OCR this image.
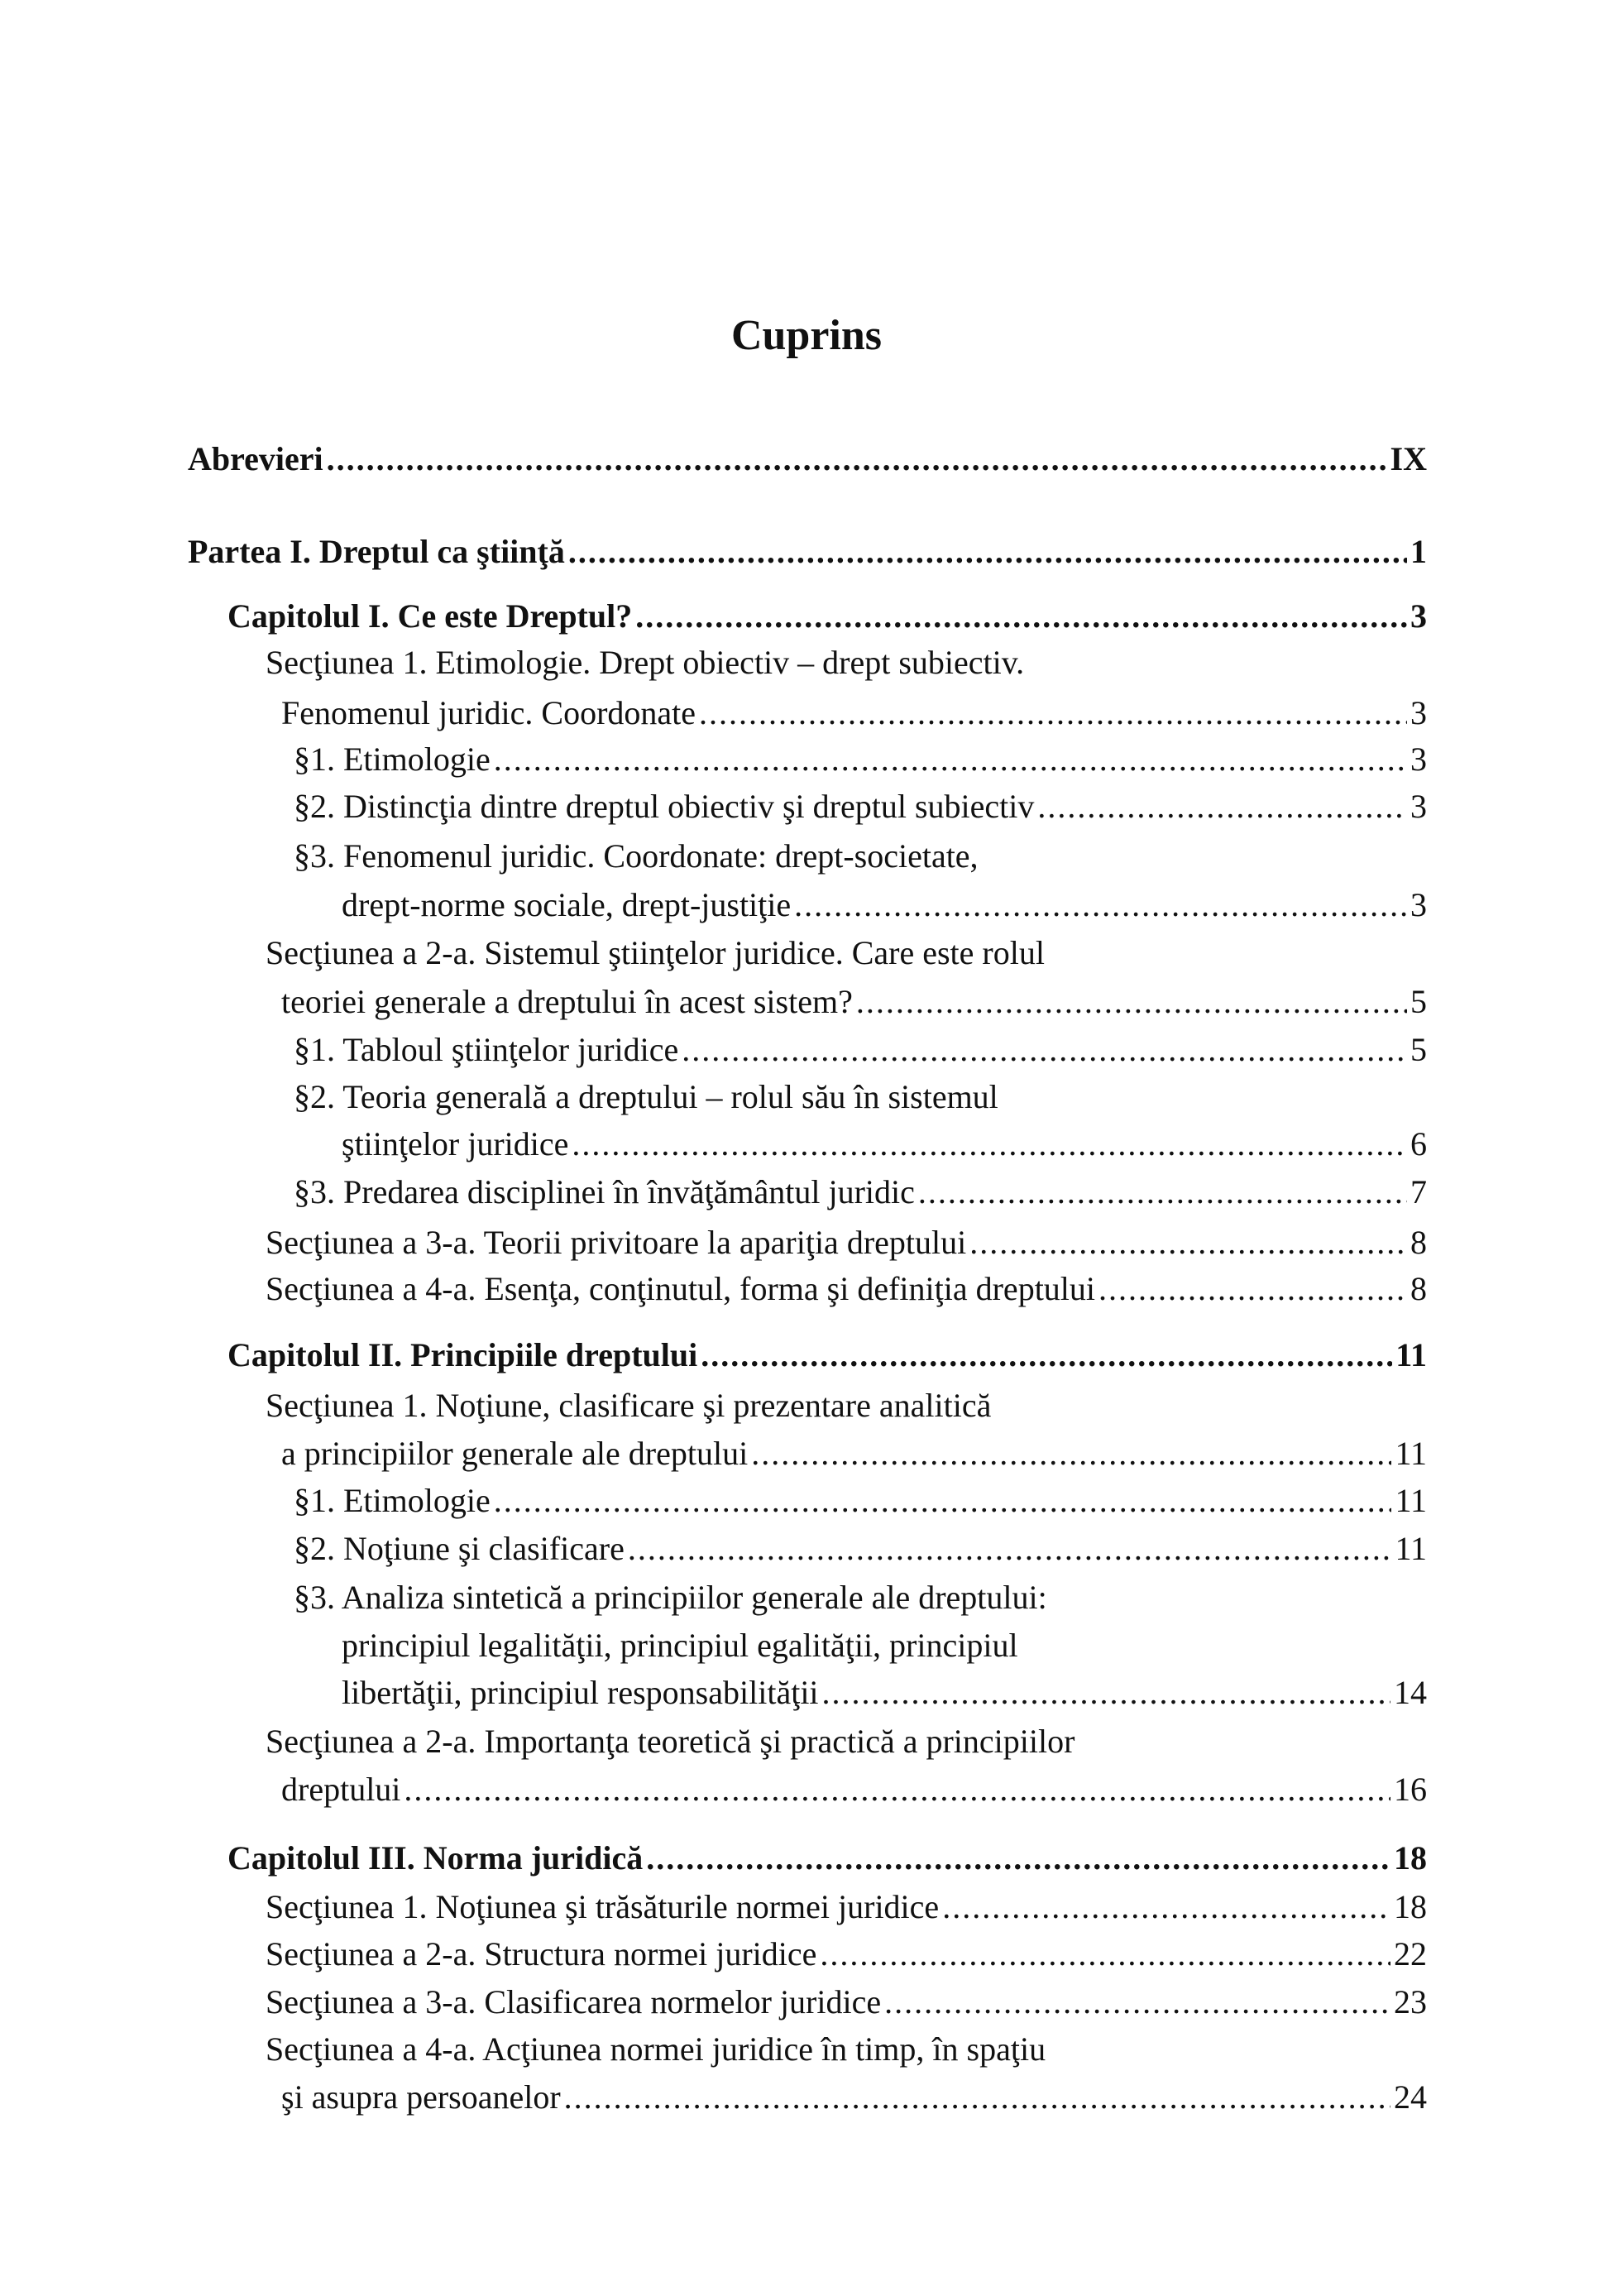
Cuprins
Abrevieri .....	IX
Partea I. Dreptul ca ştiinţă .....	1
Capitolul I. Ce este Dreptul? .....	3
Secţiunea 1. Etimologie. Drept obiectiv – drept subiectiv.
Fenomenul juridic. Coordonate .....	3
§1. Etimologie .....	3
§2. Distincţia dintre dreptul obiectiv şi dreptul subiectiv .....	3
§3. Fenomenul juridic. Coordonate: drept-societate,
drept-norme sociale, drept-justiţie .....	3
Secţiunea a 2-a. Sistemul ştiinţelor juridice. Care este rolul
teoriei generale a dreptului în acest sistem? .....	5
§1. Tabloul ştiinţelor juridice .....	5
§2. Teoria generală a dreptului – rolul său în sistemul
ştiinţelor juridice .....	6
§3. Predarea disciplinei în învăţământul juridic .....	7
Secţiunea a 3-a. Teorii privitoare la apariţia dreptului .....	8
Secţiunea a 4-a. Esenţa, conţinutul, forma şi definiţia dreptului .....	8
Capitolul II. Principiile dreptului .....	11
Secţiunea 1. Noţiune, clasificare şi prezentare analitică
a principiilor generale ale dreptului .....	11
§1. Etimologie .....	11
§2. Noţiune şi clasificare .....	11
§3. Analiza sintetică a principiilor generale ale dreptului:
principiul legalităţii, principiul egalităţii, principiul
libertăţii, principiul responsabilităţii .....	14
Secţiunea a 2-a. Importanţa teoretică şi practică a principiilor
dreptului .....	16
Capitolul III. Norma juridică .....	18
Secţiunea 1. Noţiunea şi trăsăturile normei juridice .....	18
Secţiunea a 2-a. Structura normei juridice .....	22
Secţiunea a 3-a. Clasificarea normelor juridice .....	23
Secţiunea a 4-a. Acţiunea normei juridice în timp, în spaţiu
şi asupra persoanelor .....	24
